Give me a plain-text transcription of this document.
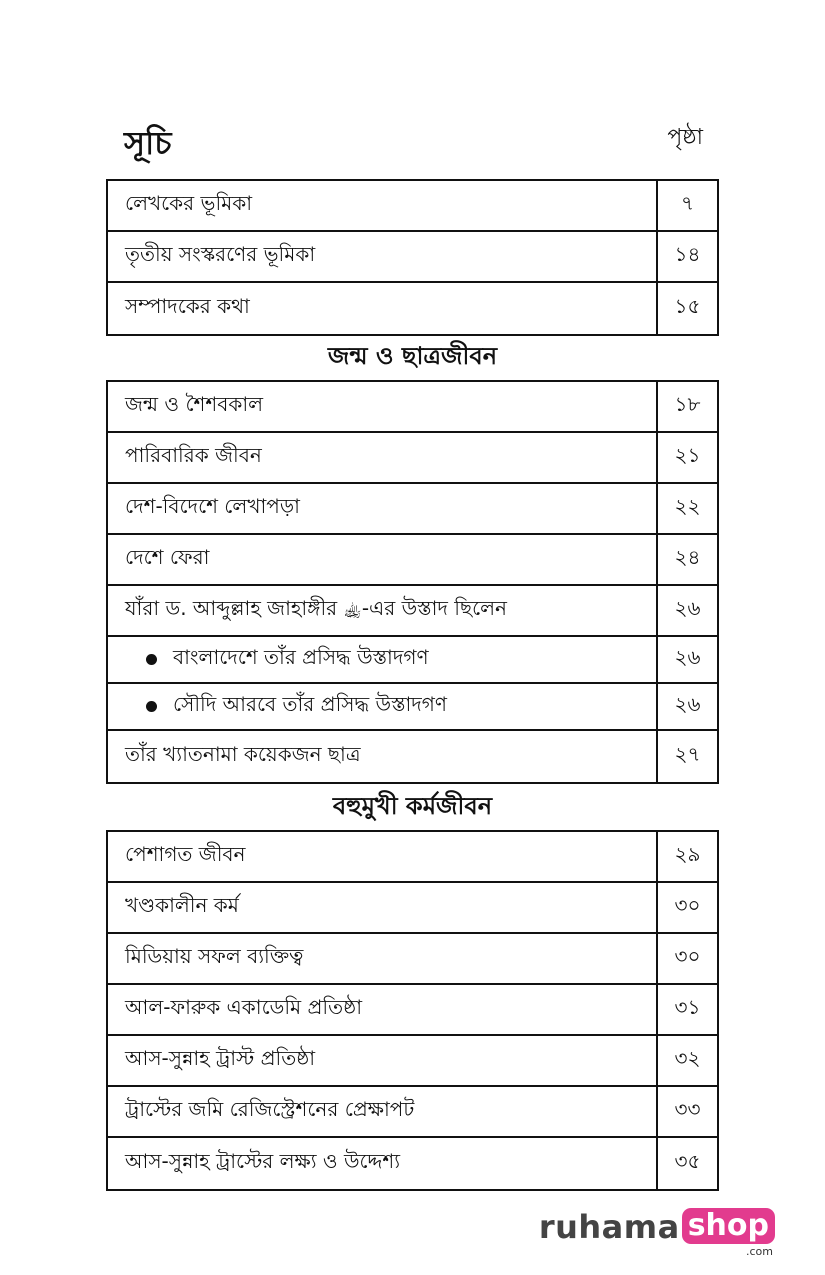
সূচি	পৃষ্ঠা
লেখকের ভূমিকা	৭
তৃতীয় সংস্করণের ভূমিকা	১৪
সম্পাদকের কথা	১৫
জন্ম ও ছাত্রজীবন
জন্ম ও শৈশবকাল	১৮
পারিবারিক জীবন	২১
দেশ-বিদেশে লেখাপড়া	২২
দেশে ফেরা	২৪
যাঁরা ড. আব্দুল্লাহ জাহাঙ্গীর ﵀-এর উস্তাদ ছিলেন	২৬
বাংলাদেশে তাঁর প্রসিদ্ধ উস্তাদগণ	২৬
সৌদি আরবে তাঁর প্রসিদ্ধ উস্তাদগণ	২৬
তাঁর খ্যাতনামা কয়েকজন ছাত্র	২৭
বহুমুখী কর্মজীবন
পেশাগত জীবন	২৯
খণ্ডকালীন কর্ম	৩০
মিডিয়ায় সফল ব্যক্তিত্ব	৩০
আল-ফারুক একাডেমি প্রতিষ্ঠা	৩১
আস-সুন্নাহ ট্রাস্ট প্রতিষ্ঠা	৩২
ট্রাস্টের জমি রেজিস্ট্রেশনের প্রেক্ষাপট	৩৩
আস-সুন্নাহ ট্রাস্টের লক্ষ্য ও উদ্দেশ্য	৩৫
ruhama shop
.com
